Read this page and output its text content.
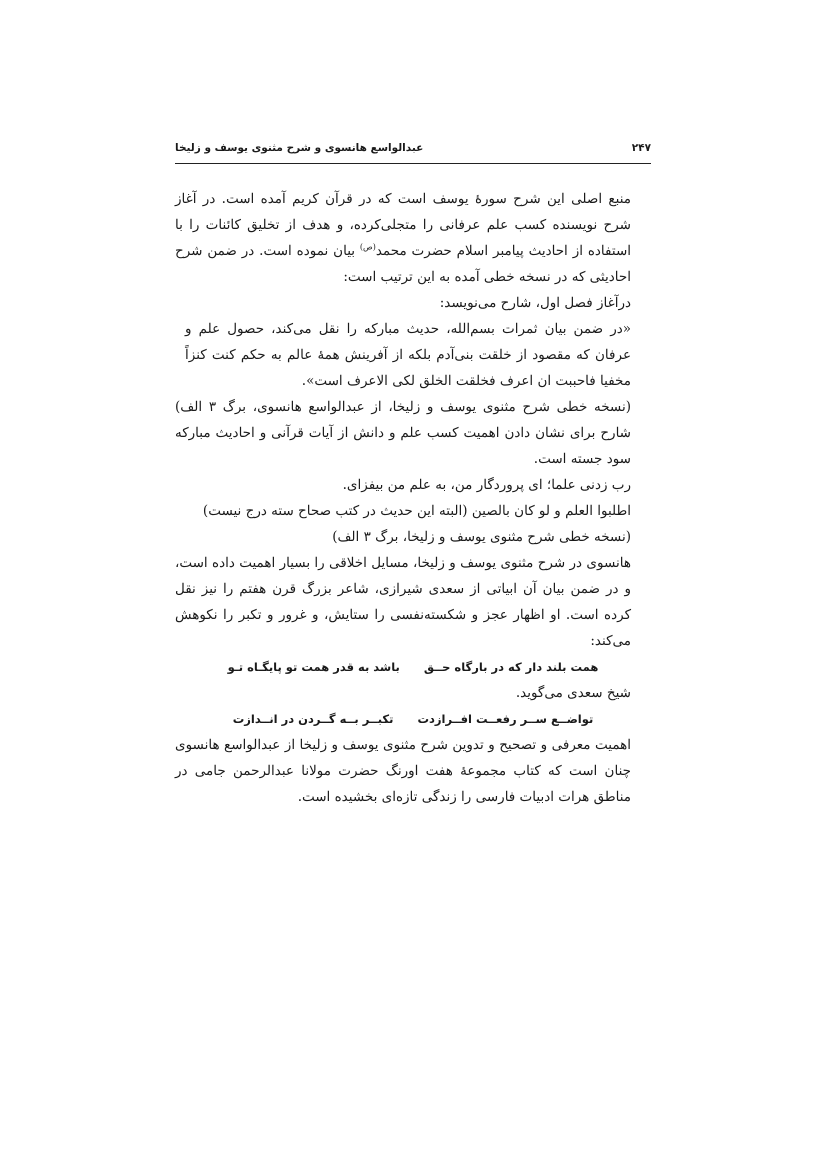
۲۴۷
عبدالواسع هانسوی و شرح مثنوی یوسف و زلیخا

منبع اصلی این شرح سورهٔ یوسف است که در قرآن کریم آمده است. در آغاز شرح نویسنده کسب علم عرفانی را متجلی‌کرده، و هدف از تخلیق کائنات را با استفاده از احادیث پیامبر اسلام حضرت محمد$^{(ص)}$ بیان نموده است. در ضمن شرح احادیثی که در نسخه خطی آمده به این ترتیب است:

درآغاز فصل اول، شارح می‌نویسد:

«در ضمن بیان ثمرات بسم‌الله، حدیث مبارکه را نقل می‌کند، حصول علم و عرفان که مقصود از خلقت بنی‌آدم بلکه از آفرینش همهٔ عالم به حکم کنت کنزاً مخفیا فاحببت ان اعرف فخلقت الخلق لکی الاعرف است».

(نسخه خطی شرح مثنوی یوسف و زلیخا، از عبدالواسع هانسوی، برگ ۳ الف) شارح برای نشان دادن اهمیت کسب علم و دانش از آیات قرآنی و احادیث مبارکه سود جسته است.

رب زدنی علما؛ ای پروردگار من، به علم من بیفزای.

اطلبوا العلم و لو کان بالصین (البته این حدیث در کتب صحاح سته درج نیست)

(نسخه خطی شرح مثنوی یوسف و زلیخا، برگ ۳ الف)

هانسوی در شرح مثنوی یوسف و زلیخا، مسایل اخلاقی را بسیار اهمیت داده است، و در ضمن بیان آن ابیاتی از سعدی شیرازی، شاعر بزرگ قرن هفتم را نیز نقل کرده است. او اظهار عجز و شکسته‌نفسی را ستایش، و غرور و تکبر را نکوهش می‌کند:

همت بلند دار که در بارگاه حــق
باشد به قدر همت تو پایگـاه تـو

شیخ سعدی می‌گوید.

تواضــع ســر رفعــت افــرازدت
تکبــر بــه گــردن در انــدازت

اهمیت معرفی و تصحیح و تدوین شرح مثنوی یوسف و زلیخا از عبدالواسع هانسوی چنان است که کتاب مجموعهٔ هفت اورنگ حضرت مولانا عبدالرحمن جامی در مناطق هرات ادبیات فارسی را زندگی تازه‌ای بخشیده است.
